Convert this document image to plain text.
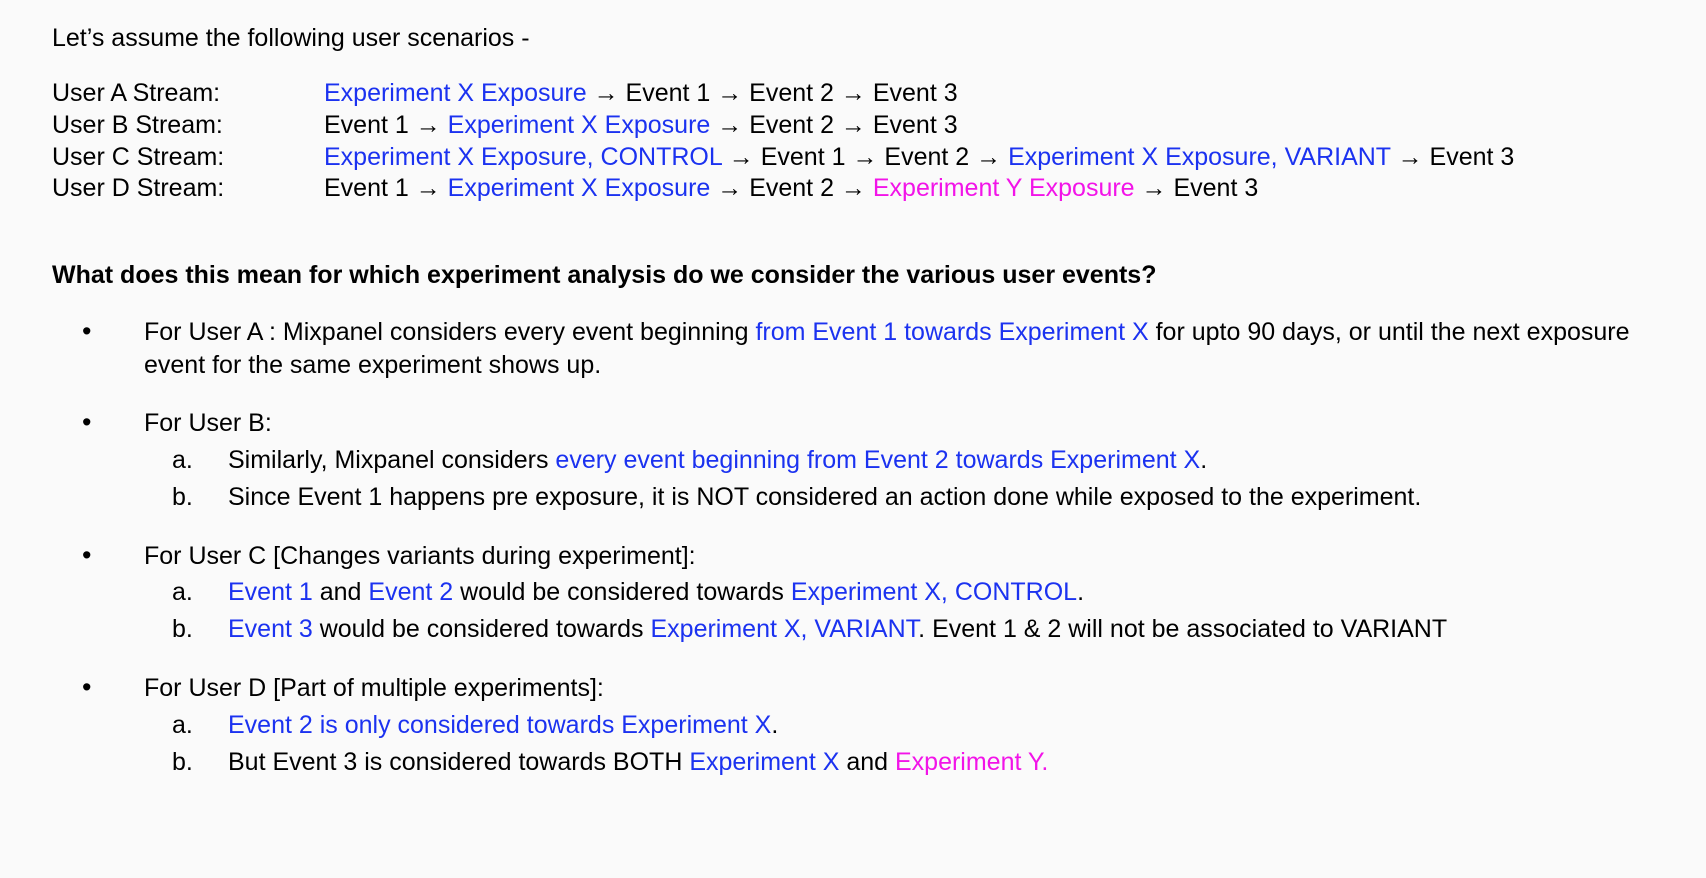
Let’s assume the following user scenarios -
User A Stream:	Experiment X Exposure → Event 1 → Event 2 → Event 3
User B Stream:	Event 1 → Experiment X Exposure → Event 2 → Event 3
User C Stream:	Experiment X Exposure, CONTROL → Event 1 → Event 2 → Experiment X Exposure, VARIANT → Event 3
User D Stream:	Event 1 → Experiment X Exposure → Event 2 → Experiment Y Exposure → Event 3
What does this mean for which experiment analysis do we consider the various user events?
• For User A : Mixpanel considers every event beginning from Event 1 towards Experiment X for upto 90 days, or until the next exposure event for the same experiment shows up.
• For User B:
a. Similarly, Mixpanel considers every event beginning from Event 2 towards Experiment X.
b. Since Event 1 happens pre exposure, it is NOT considered an action done while exposed to the experiment.
• For User C [Changes variants during experiment]:
a. Event 1 and Event 2 would be considered towards Experiment X, CONTROL.
b. Event 3 would be considered towards Experiment X, VARIANT. Event 1 & 2 will not be associated to VARIANT
• For User D [Part of multiple experiments]:
a. Event 2 is only considered towards Experiment X.
b. But Event 3 is considered towards BOTH Experiment X and Experiment Y.
